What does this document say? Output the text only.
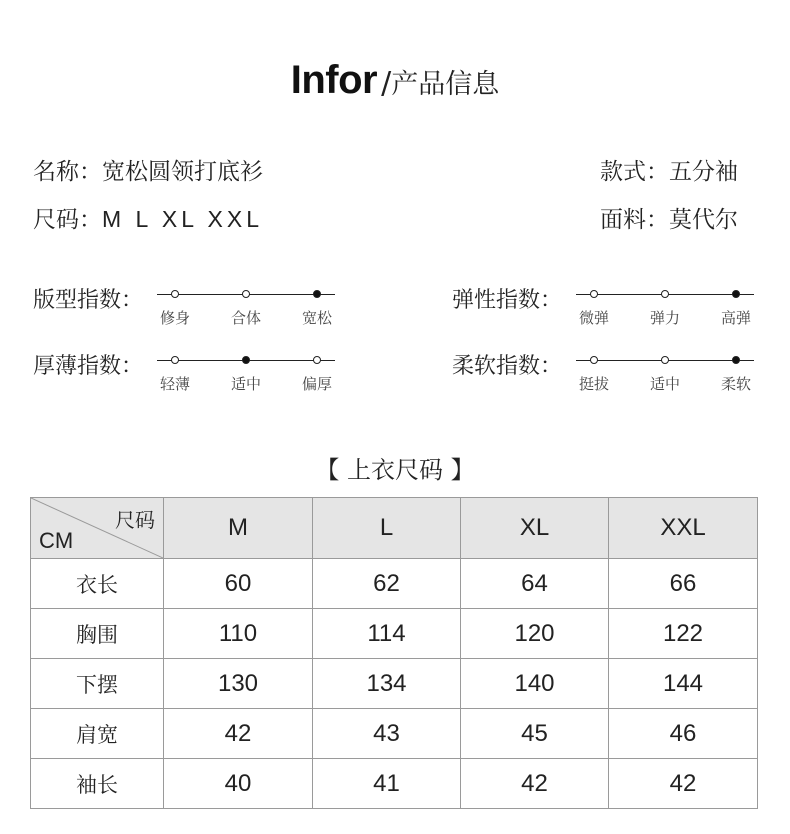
Infor /产品信息
名称：宽松圆领打底衫	款式：五分袖
尺码：M L XL XXL	面料：莫代尔
版型指数：
修身	合体	宽松
弹性指数：
微弹	弹力	高弹
厚薄指数：
轻薄	适中	偏厚
柔软指数：
挺拔	适中	柔软
【 上衣尺码 】
尺码
CM	M	L	XL	XXL
衣长	60	62	64	66
胸围	110	114	120	122
下摆	130	134	140	144
肩宽	42	43	45	46
袖长	40	41	42	42
